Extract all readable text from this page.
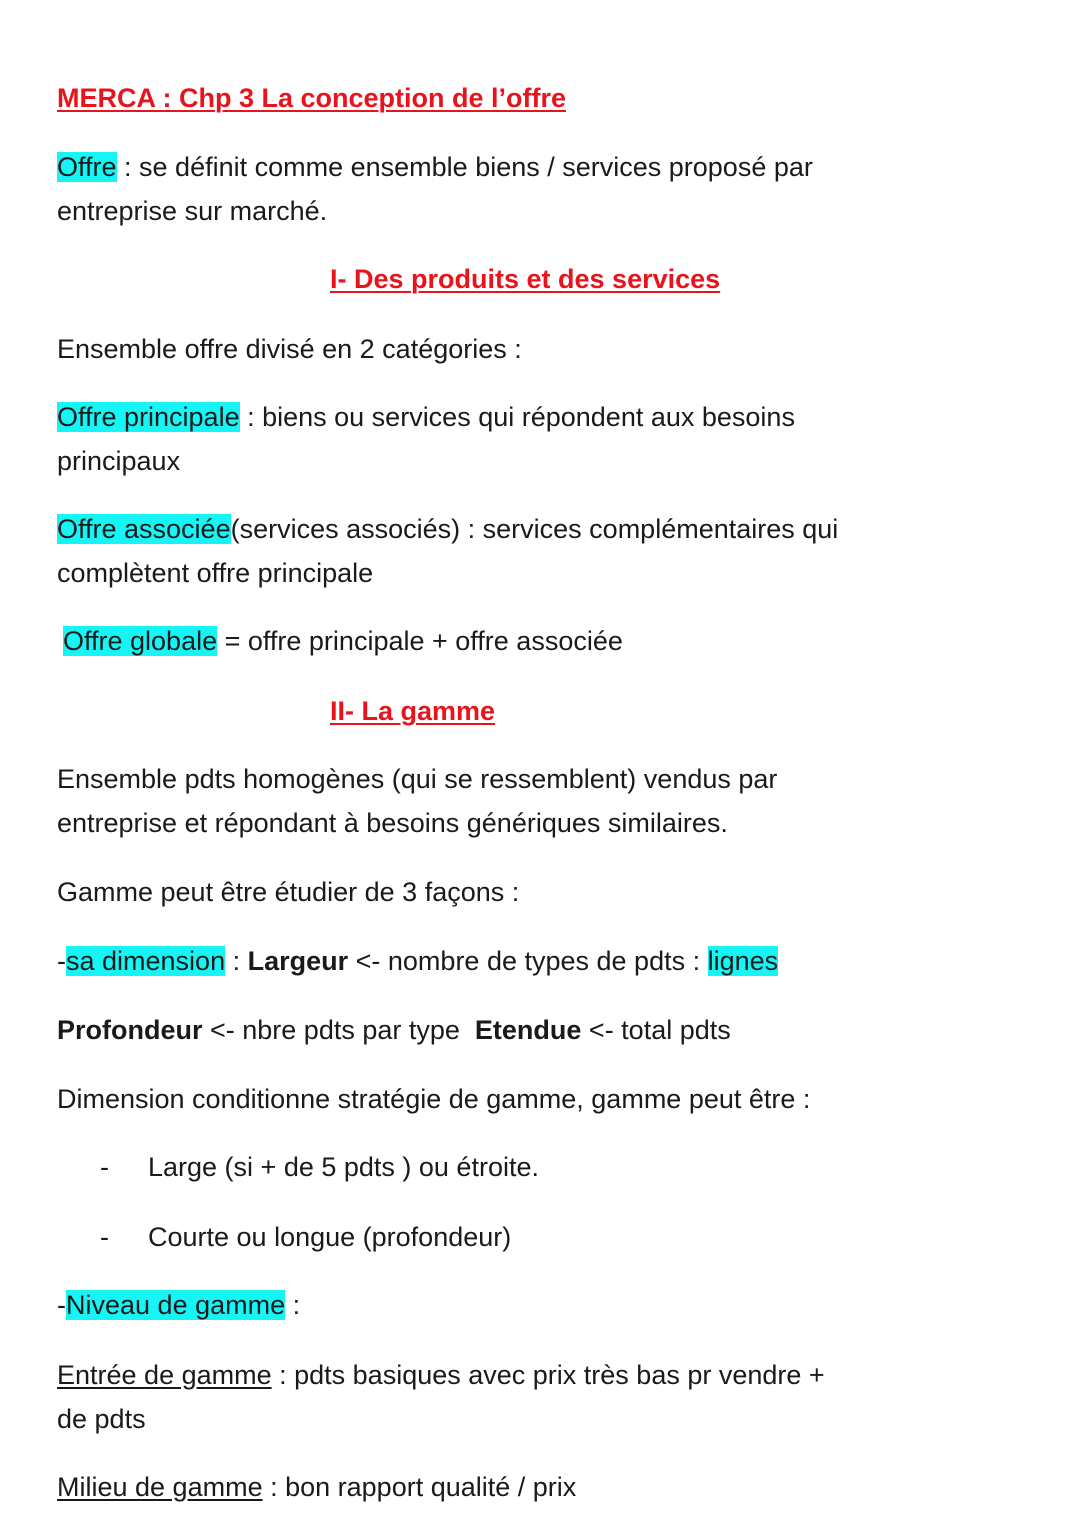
MERCA : Chp 3 La conception de l’offre
Offre : se définit comme ensemble biens / services proposé par
entreprise sur marché.
I- Des produits et des services
Ensemble offre divisé en 2 catégories :
Offre principale : biens ou services qui répondent aux besoins
principaux
Offre associée(services associés) : services complémentaires qui
complètent offre principale
Offre globale = offre principale + offre associée
II- La gamme
Ensemble pdts homogènes (qui se ressemblent) vendus par
entreprise et répondant à besoins génériques similaires.
Gamme peut être étudier de 3 façons :
-sa dimension : Largeur <- nombre de types de pdts : lignes
Profondeur <- nbre pdts par type  Etendue <- total pdts
Dimension conditionne stratégie de gamme, gamme peut être :
- Large (si + de 5 pdts ) ou étroite.
- Courte ou longue (profondeur)
-Niveau de gamme :
Entrée de gamme : pdts basiques avec prix très bas pr vendre +
de pdts
Milieu de gamme : bon rapport qualité / prix
